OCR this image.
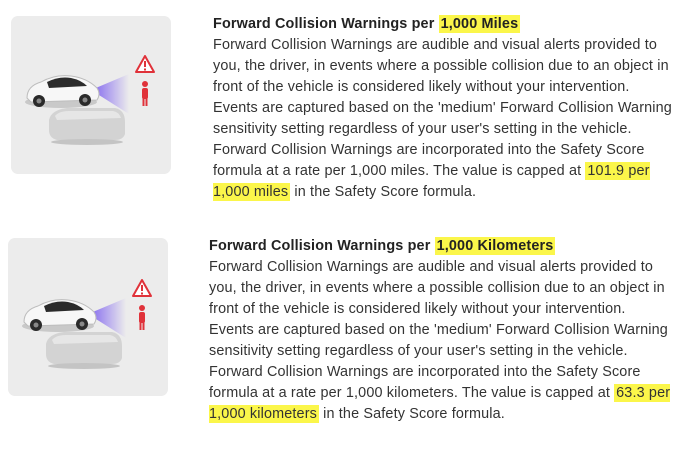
Forward Collision Warnings per 1,000 Miles
Forward Collision Warnings are audible and visual alerts provided to you, the driver, in events where a possible collision due to an object in front of the vehicle is considered likely without your intervention. Events are captured based on the 'medium' Forward Collision Warning sensitivity setting regardless of your user's setting in the vehicle. Forward Collision Warnings are incorporated into the Safety Score formula at a rate per 1,000 miles. The value is capped at 101.9 per 1,000 miles in the Safety Score formula.
Forward Collision Warnings per 1,000 Kilometers
Forward Collision Warnings are audible and visual alerts provided to you, the driver, in events where a possible collision due to an object in front of the vehicle is considered likely without your intervention. Events are captured based on the 'medium' Forward Collision Warning sensitivity setting regardless of your user's setting in the vehicle. Forward Collision Warnings are incorporated into the Safety Score formula at a rate per 1,000 kilometers. The value is capped at 63.3 per 1,000 kilometers in the Safety Score formula.
